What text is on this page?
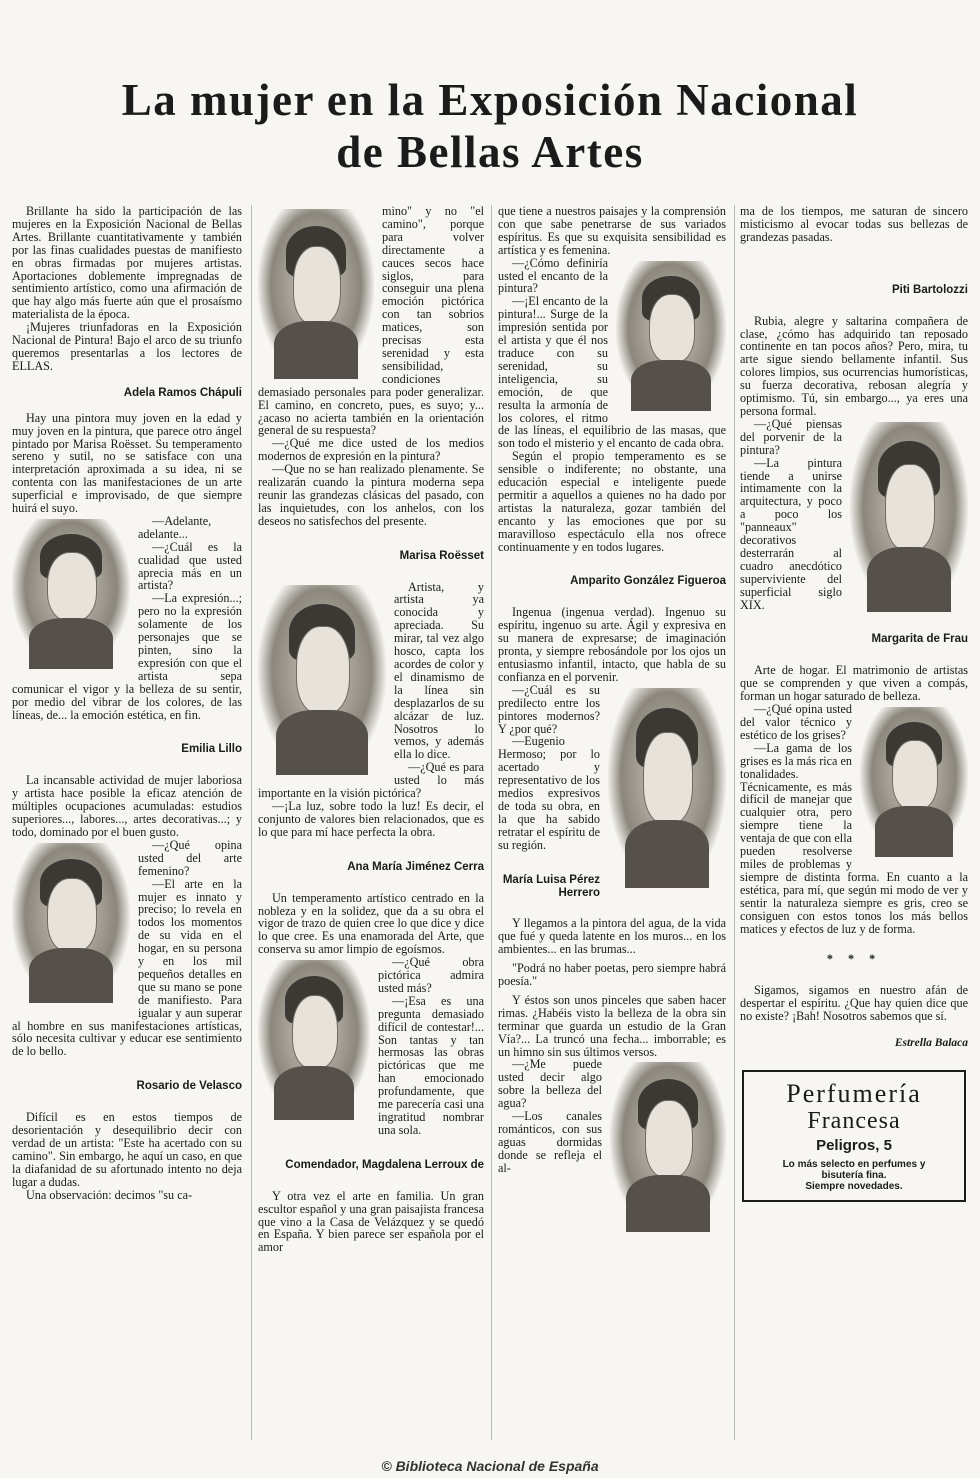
La mujer en la Exposición Nacional
de Bellas Artes

Brillante ha sido la participación de las mujeres en la Exposición Nacional de Bellas Artes. Brillante cuantitativamente y también por las finas cualidades puestas de manifiesto en obras firmadas por mujeres artistas. Aportaciones doblemente impregnadas de sentimiento artístico, como una afirmación de que hay algo más fuerte aún que el prosaísmo materialista de la época.

¡Mujeres triunfadoras en la Exposición Nacional de Pintura! Bajo el arco de su triunfo queremos presentarlas a los lectores de ELLAS.

Adela Ramos Chápuli

Hay una pintora muy joven en la edad y muy joven en la pintura, que parece otro ángel pintado por Marisa Roësset. Su temperamento sereno y sutil, no se satisface con una interpretación aproximada a su idea, ni se contenta con las manifestaciones de un arte superficial e improvisado, de que siempre huirá el suyo.

—Adelante, adelante...

—¿Cuál es la cualidad que usted aprecia más en un artista?

—La expresión...; pero no la expresión solamente de los personajes que se pinten, sino la expresión con que el artista sepa comunicar el vigor y la belleza de su sentir, por medio del vibrar de los colores, de las líneas, de... la emoción estética, en fin.

Emilia Lillo

La incansable actividad de mujer laboriosa y artista hace posible la eficaz atención de múltiples ocupaciones acumuladas: estudios superiores..., labores..., artes decorativas...; y todo, dominado por el buen gusto.

—¿Qué opina usted del arte femenino?

—El arte en la mujer es innato y preciso; lo revela en todos los momentos de su vida en el hogar, en su persona y en los mil pequeños detalles en que su mano se pone de manifiesto. Para igualar y aun superar al hombre en sus manifestaciones artísticas, sólo necesita cultivar y educar ese sentimiento de lo bello.

Rosario de Velasco

Difícil es en estos tiempos de desorientación y desequilibrio decir con verdad de un artista: "Este ha acertado con su camino". Sin embargo, he aquí un caso, en que la diafanidad de su afortunado intento no deja lugar a dudas.

Una observación: decimos "su ca-

mino" y no "el camino", porque para volver directamente a cauces secos hace siglos, para conseguir una plena emoción pictórica con tan sobrios matices, son precisas esta serenidad y esta sensibilidad, condiciones demasiado personales para poder generalizar. El camino, en concreto, pues, es suyo; y... ¿acaso no acierta también en la orientación general de su respuesta?

—¿Qué me dice usted de los medios modernos de expresión en la pintura?

—Que no se han realizado plenamente. Se realizarán cuando la pintura moderna sepa reunir las grandezas clásicas del pasado, con las inquietudes, con los anhelos, con los deseos no satisfechos del presente.

Marisa Roësset

Artista, y artista ya conocida y apreciada. Su mirar, tal vez algo hosco, capta los acordes de color y el dinamismo de la línea sin desplazarlos de su alcázar de luz. Nosotros lo vemos, y además ella lo dice.

—¿Qué es para usted lo más importante en la visión pictórica?

—¡La luz, sobre todo la luz! Es decir, el conjunto de valores bien relacionados, que es lo que para mí hace perfecta la obra.

Ana María Jiménez Cerra

Un temperamento artístico centrado en la nobleza y en la solidez, que da a su obra el vigor de trazo de quien cree lo que dice y dice lo que cree. Es una enamorada del Arte, que conserva su amor limpio de egoísmos.

—¿Qué obra pictórica admira usted más?

—¡Esa es una pregunta demasiado difícil de contestar!... Son tantas y tan hermosas las obras pictóricas que me han emocionado profundamente, que me parecería casi una ingratitud nombrar una sola.

Comendador, Magdalena Lerroux de

Y otra vez el arte en familia. Un gran escultor español y una gran paisajista francesa que vino a la Casa de Velázquez y se quedó en España. Y bien parece ser española por el amor

que tiene a nuestros paisajes y la comprensión con que sabe penetrarse de sus variados espíritus. Es que su exquisita sensibilidad es artística y es femenina.

—¿Cómo definiría usted el encanto de la pintura?

—¡El encanto de la pintura!... Surge de la impresión sentida por el artista y que él nos traduce con su serenidad, su inteligencia, su emoción, de que resulta la armonía de los colores, el ritmo de las líneas, el equilibrio de las masas, que son todo el misterio y el encanto de cada obra.

Según el propio temperamento es se sensible o indiferente; no obstante, una educación especial e inteligente puede permitir a aquellos a quienes no ha dado por artistas la naturaleza, gozar también del encanto y las emociones que por su maravilloso espectáculo ella nos ofrece continuamente y en todos lugares.

Amparito González Figueroa

Ingenua (ingenua verdad). Ingenuo su espíritu, ingenuo su arte. Ágil y expresiva en su manera de expresarse; de imaginación pronta, y siempre rebosándole por los ojos un entusiasmo infantil, intacto, que habla de su confianza en el porvenir.

—¿Cuál es su predilecto entre los pintores modernos? Y ¿por qué?

—Eugenio Hermoso; por lo acertado y representativo de los medios expresivos de toda su obra, en la que ha sabido retratar el espíritu de su región.

María Luisa Pérez Herrero

Y llegamos a la pintora del agua, de la vida que fué y queda latente en los muros... en los ambientes... en las brumas...

"Podrá no haber poetas, pero siempre habrá poesía."

Y éstos son unos pinceles que saben hacer rimas. ¿Habéis visto la belleza de la obra sin terminar que guarda un estudio de la Gran Vía?... La truncó una fecha... imborrable; es un himno sin sus últimos versos.

—¿Me puede usted decir algo sobre la belleza del agua?

—Los canales románticos, con sus aguas dormidas donde se refleja el al-

ma de los tiempos, me saturan de sincero misticismo al evocar todas sus bellezas de grandezas pasadas.

Piti Bartolozzi

Rubia, alegre y saltarina compañera de clase, ¿cómo has adquirido tan reposado continente en tan pocos años? Pero, mira, tu arte sigue siendo bellamente infantil. Sus colores limpios, sus ocurrencias humorísticas, su fuerza decorativa, rebosan alegría y optimismo. Tú, sin embargo..., ya eres una persona formal.

—¿Qué piensas del porvenir de la pintura?

—La pintura tiende a unirse intimamente con la arquitectura, y poco a poco los "panneaux" decorativos desterrarán al cuadro anecdótico superviviente del superficial siglo XIX.

Margarita de Frau

Arte de hogar. El matrimonio de artistas que se comprenden y que viven a compás, forman un hogar saturado de belleza.

—¿Qué opina usted del valor técnico y estético de los grises?

—La gama de los grises es la más rica en tonalidades. Técnicamente, es más difícil de manejar que cualquier otra, pero siempre tiene la ventaja de que con ella pueden resolverse miles de problemas y siempre de distinta forma. En cuanto a la estética, para mí, que según mi modo de ver y sentir la naturaleza siempre es gris, creo se consiguen con estos tonos los más bellos matices y efectos de luz y de forma.

* * *

Sigamos, sigamos en nuestro afán de despertar el espíritu. ¿Que hay quien dice que no existe? ¡Bah! Nosotros sabemos que sí.

Estrella Balaca
Perfumería
Francesa
Peligros, 5
Lo más selecto en perfumes y
bisutería fina.
Siempre novedades.
© Biblioteca Nacional de España
